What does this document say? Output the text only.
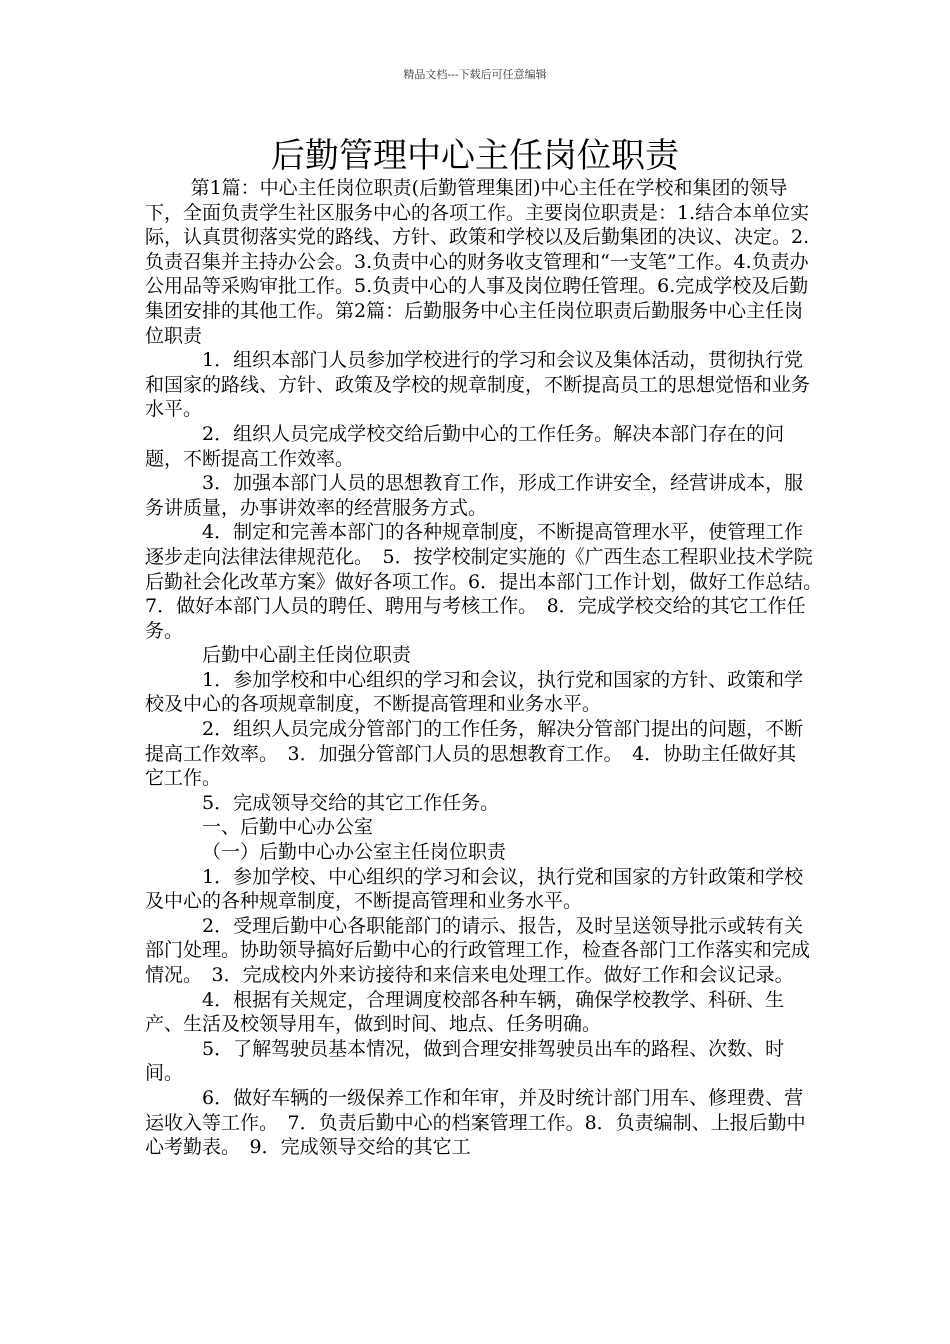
精品文档---下载后可任意编辑
后勤管理中心主任岗位职责

第1篇：中心主任岗位职责(后勤管理集团)中心主任在学校和集团的领导下，全面负责学生社区服务中心的各项工作。主要岗位职责是：1.结合本单位实际，认真贯彻落实党的路线、方针、政策和学校以及后勤集团的决议、决定。2.负责召集并主持办公会。3.负责中心的财务收支管理和“一支笔”工作。4.负责办公用品等采购审批工作。5.负责中心的人事及岗位聘任管理。6.完成学校及后勤集团安排的其他工作。第2篇：后勤服务中心主任岗位职责后勤服务中心主任岗位职责

1．组织本部门人员参加学校进行的学习和会议及集体活动，贯彻执行党和国家的路线、方针、政策及学校的规章制度，不断提高员工的思想觉悟和业务水平。

2．组织人员完成学校交给后勤中心的工作任务。解决本部门存在的问题，不断提高工作效率。

3．加强本部门人员的思想教育工作，形成工作讲安全，经营讲成本，服务讲质量，办事讲效率的经营服务方式。

4．制定和完善本部门的各种规章制度，不断提高管理水平，使管理工作逐步走向法律法律规范化。　5．按学校制定实施的《广西生态工程职业技术学院后勤社会化改革方案》做好各项工作。6．提出本部门工作计划，做好工作总结。　7．做好本部门人员的聘任、聘用与考核工作。　8．完成学校交给的其它工作任务。

后勤中心副主任岗位职责

1．参加学校和中心组织的学习和会议，执行党和国家的方针、政策和学校及中心的各项规章制度，不断提高管理和业务水平。

2．组织人员完成分管部门的工作任务，解决分管部门提出的问题，不断提高工作效率。　3．加强分管部门人员的思想教育工作。　4．协助主任做好其它工作。

5．完成领导交给的其它工作任务。

一、后勤中心办公室

（一）后勤中心办公室主任岗位职责

1．参加学校、中心组织的学习和会议，执行党和国家的方针政策和学校及中心的各种规章制度，不断提高管理和业务水平。

2．受理后勤中心各职能部门的请示、报告，及时呈送领导批示或转有关部门处理。协助领导搞好后勤中心的行政管理工作，检查各部门工作落实和完成情况。　3．完成校内外来访接待和来信来电处理工作。做好工作和会议记录。

4．根据有关规定，合理调度校部各种车辆，确保学校教学、科研、生产、生活及校领导用车，做到时间、地点、任务明确。

5．了解驾驶员基本情况，做到合理安排驾驶员出车的路程、次数、时间。

6．做好车辆的一级保养工作和年审，并及时统计部门用车、修理费、营运收入等工作。　7．负责后勤中心的档案管理工作。8．负责编制、上报后勤中心考勤表。　9．完成领导交给的其它工
